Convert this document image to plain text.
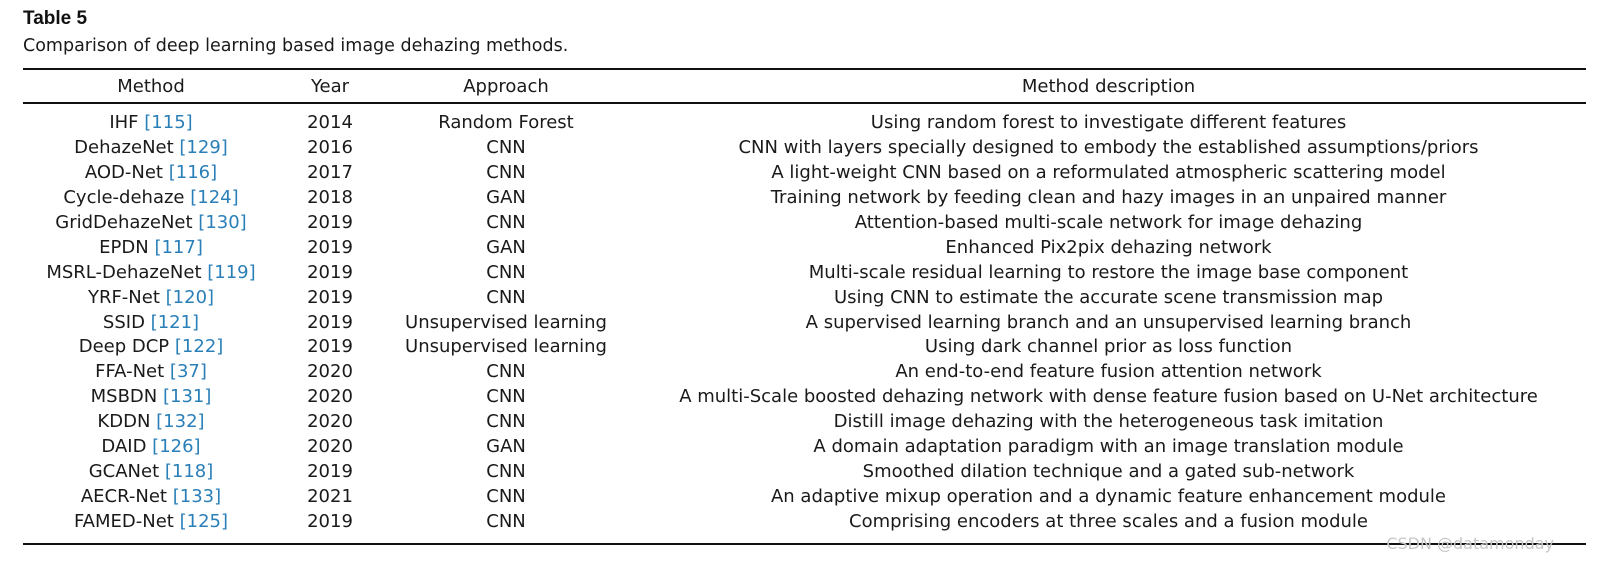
Table 5
Comparison of deep learning based image dehazing methods.
Method	Year	Approach	Method description
IHF [115]	2014	Random Forest	Using random forest to investigate different features
DehazeNet [129]	2016	CNN	CNN with layers specially designed to embody the established assumptions/priors
AOD-Net [116]	2017	CNN	A light-weight CNN based on a reformulated atmospheric scattering model
Cycle-dehaze [124]	2018	GAN	Training network by feeding clean and hazy images in an unpaired manner
GridDehazeNet [130]	2019	CNN	Attention-based multi-scale network for image dehazing
EPDN [117]	2019	GAN	Enhanced Pix2pix dehazing network
MSRL-DehazeNet [119]	2019	CNN	Multi-scale residual learning to restore the image base component
YRF-Net [120]	2019	CNN	Using CNN to estimate the accurate scene transmission map
SSID [121]	2019	Unsupervised learning	A supervised learning branch and an unsupervised learning branch
Deep DCP [122]	2019	Unsupervised learning	Using dark channel prior as loss function
FFA-Net [37]	2020	CNN	An end-to-end feature fusion attention network
MSBDN [131]	2020	CNN	A multi-Scale boosted dehazing network with dense feature fusion based on U-Net architecture
KDDN [132]	2020	CNN	Distill image dehazing with the heterogeneous task imitation
DAID [126]	2020	GAN	A domain adaptation paradigm with an image translation module
GCANet [118]	2019	CNN	Smoothed dilation technique and a gated sub-network
AECR-Net [133]	2021	CNN	An adaptive mixup operation and a dynamic feature enhancement module
FAMED-Net [125]	2019	CNN	Comprising encoders at three scales and a fusion module
CSDN @datamonday
